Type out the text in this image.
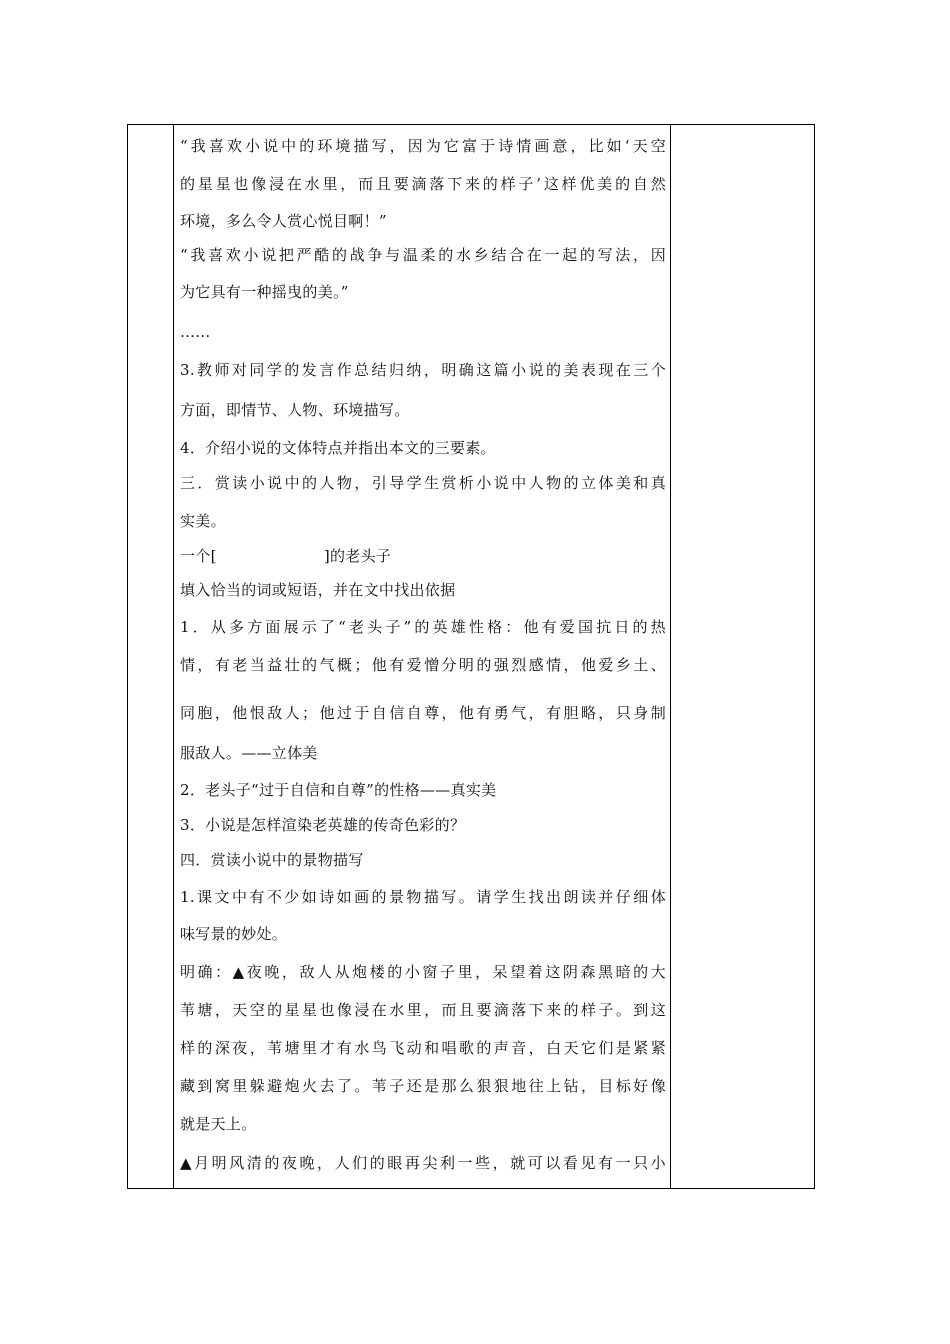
“我喜欢小说中的环境描写，因为它富于诗情画意，比如‘天空
的星星也像浸在水里，而且要滴落下来的样子’这样优美的自然
环境，多么令人赏心悦目啊！”
“我喜欢小说把严酷的战争与温柔的水乡结合在一起的写法，因
为它具有一种摇曳的美。”
……
3.教师对同学的发言作总结归纳，明确这篇小说的美表现在三个
方面，即情节、人物、环境描写。
4．介绍小说的文体特点并指出本文的三要素。
三．赏读小说中的人物，引导学生赏析小说中人物的立体美和真
实美。
一个[　　　　　　　]的老头子
填入恰当的词或短语，并在文中找出依据
1．从多方面展示了“老头子”的英雄性格：他有爱国抗日的热
情，有老当益壮的气概；他有爱憎分明的强烈感情，他爱乡土、
同胞，他恨敌人；他过于自信自尊，他有勇气，有胆略，只身制
服敌人。——立体美
2．老头子“过于自信和自尊”的性格——真实美
3．小说是怎样渲染老英雄的传奇色彩的？
四．赏读小说中的景物描写
1.课文中有不少如诗如画的景物描写。请学生找出朗读并仔细体
味写景的妙处。
明确：▲夜晚，敌人从炮楼的小窗子里，呆望着这阴森黑暗的大
苇塘，天空的星星也像浸在水里，而且要滴落下来的样子。到这
样的深夜，苇塘里才有水鸟飞动和唱歌的声音，白天它们是紧紧
藏到窝里躲避炮火去了。苇子还是那么狠狠地往上钻，目标好像
就是天上。
▲月明风清的夜晚，人们的眼再尖利一些，就可以看见有一只小
